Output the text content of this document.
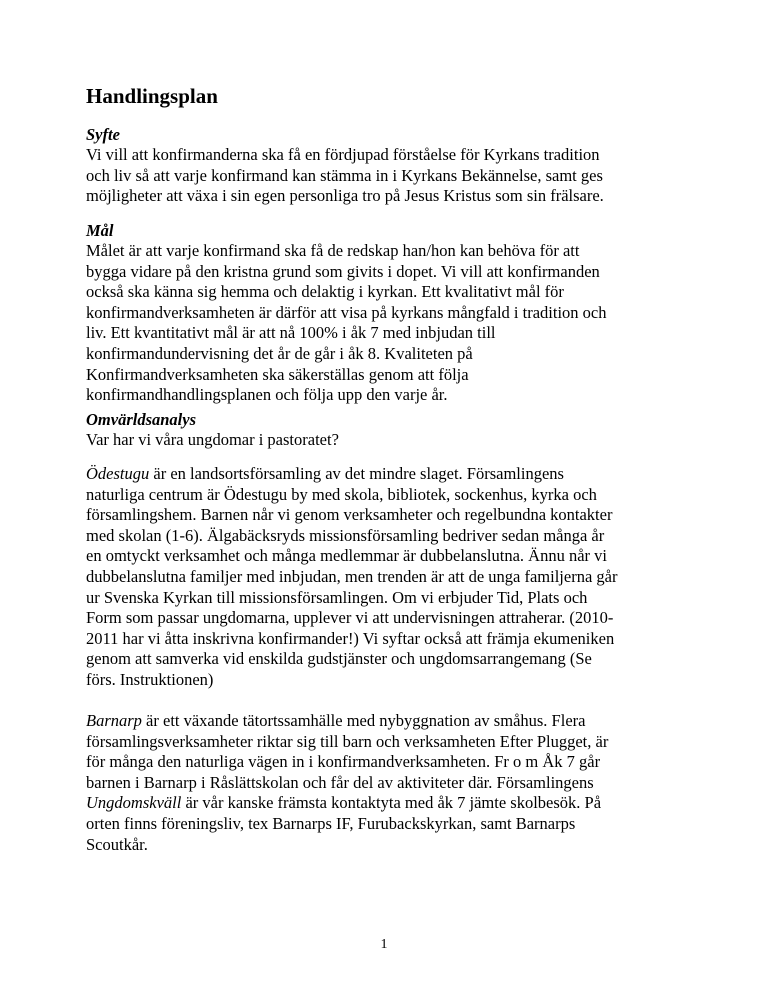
Handlingsplan

Syfte

Vi vill att konfirmanderna ska få en fördjupad förståelse för Kyrkans tradition

och liv så att varje konfirmand kan stämma in i Kyrkans Bekännelse, samt ges

möjligheter att växa i sin egen personliga tro på Jesus Kristus som sin frälsare.

Mål

Målet är att varje konfirmand ska få de redskap han/hon kan behöva för att

bygga vidare på den kristna grund som givits i dopet. Vi vill att konfirmanden

också ska känna sig hemma och delaktig i kyrkan. Ett kvalitativt mål för

konfirmandverksamheten är därför att visa på kyrkans mångfald i tradition och

liv. Ett kvantitativt mål är att nå 100% i åk 7 med inbjudan till

konfirmandundervisning det år de går i åk 8. Kvaliteten på

Konfirmandverksamheten ska säkerställas genom att följa

konfirmandhandlingsplanen och följa upp den varje år.

Omvärldsanalys

Var har vi våra ungdomar i pastoratet?

Ödestugu är en landsortsförsamling av det mindre slaget. Församlingens

naturliga centrum är Ödestugu by med skola, bibliotek, sockenhus, kyrka och

församlingshem. Barnen når vi genom verksamheter och regelbundna kontakter

med skolan (1-6). Älgabäcksryds missionsförsamling bedriver sedan många år

en omtyckt verksamhet och många medlemmar är dubbelanslutna. Ännu når vi

dubbelanslutna familjer med inbjudan, men trenden är att de unga familjerna går

ur Svenska Kyrkan till missionsförsamlingen. Om vi erbjuder Tid, Plats och

Form som passar ungdomarna, upplever vi att undervisningen attraherar. (2010-

2011 har vi åtta inskrivna konfirmander!) Vi syftar också att främja ekumeniken

genom att samverka vid enskilda gudstjänster och ungdomsarrangemang (Se

förs. Instruktionen)

Barnarp är ett växande tätortssamhälle med nybyggnation av småhus. Flera

församlingsverksamheter riktar sig till barn och verksamheten Efter Plugget, är

för många den naturliga vägen in i konfirmandverksamheten. Fr o m Åk 7 går

barnen i Barnarp i Råslättskolan och får del av aktiviteter där. Församlingens

Ungdomskväll är vår kanske främsta kontaktyta med åk 7 jämte skolbesök. På

orten finns föreningsliv, tex Barnarps IF, Furubackskyrkan, samt Barnarps

Scoutkår.

1
